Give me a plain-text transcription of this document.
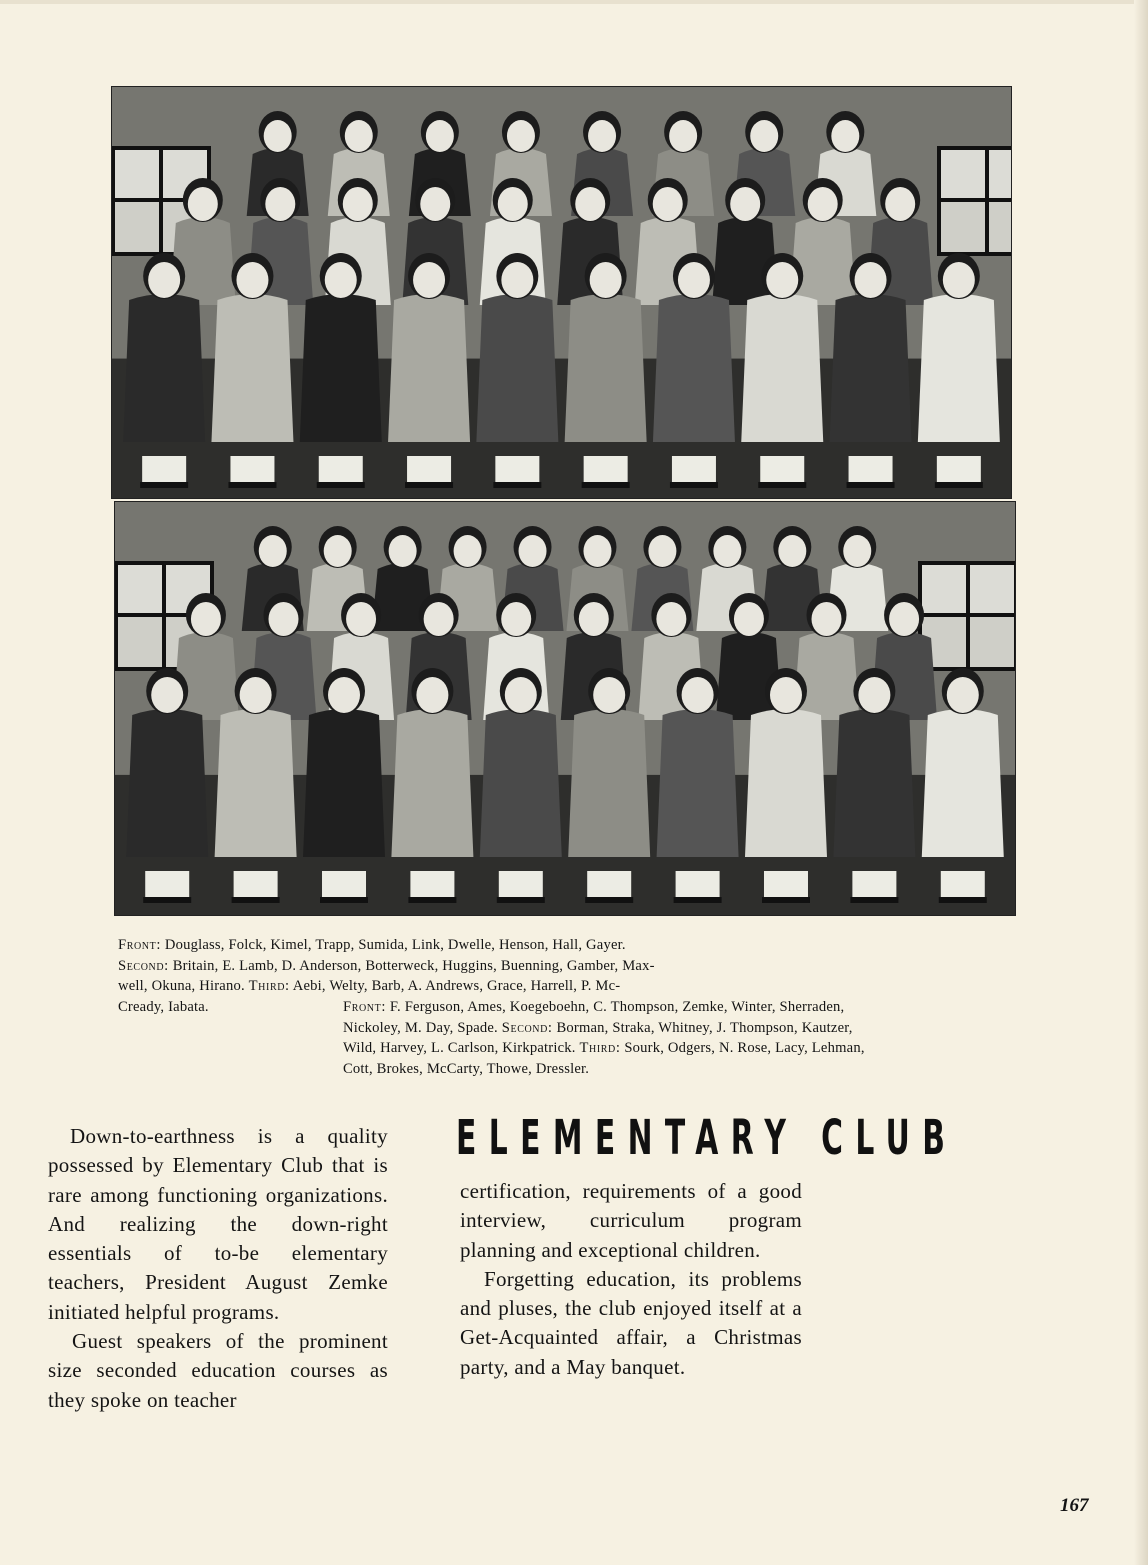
Front: Douglass, Folck, Kimel, Trapp, Sumida, Link, Dwelle, Henson, Hall, Gayer.
Second: Britain, E. Lamb, D. Anderson, Botterweck, Huggins, Buenning, Gamber, Max-
well, Okuna, Hirano. Third: Aebi, Welty, Barb, A. Andrews, Grace, Harrell, P. Mc-
Cready, Iabata.	Front: F. Ferguson, Ames, Koegeboehn, C. Thompson, Zemke, Winter, Sherraden,
Nickoley, M. Day, Spade. Second: Borman, Straka, Whitney, J. Thompson, Kautzer,
Wild, Harvey, L. Carlson, Kirkpatrick. Third: Sourk, Odgers, N. Rose, Lacy, Lehman,
Cott, Brokes, McCarty, Thowe, Dressler.

Down-to-earthness is a quality possessed by Elementary Club that is rare among functioning organizations. And realizing the down-right essentials of to-be elementary teachers, President August Zemke initiated helpful programs.

Guest speakers of the prominent size seconded education courses as they spoke on teacher

ELEMENTARY CLUB

certification, requirements of a good interview, curriculum program planning and exceptional children.

Forgetting education, its problems and pluses, the club enjoyed itself at a Get-Acquainted affair, a Christmas party, and a May banquet.

167
